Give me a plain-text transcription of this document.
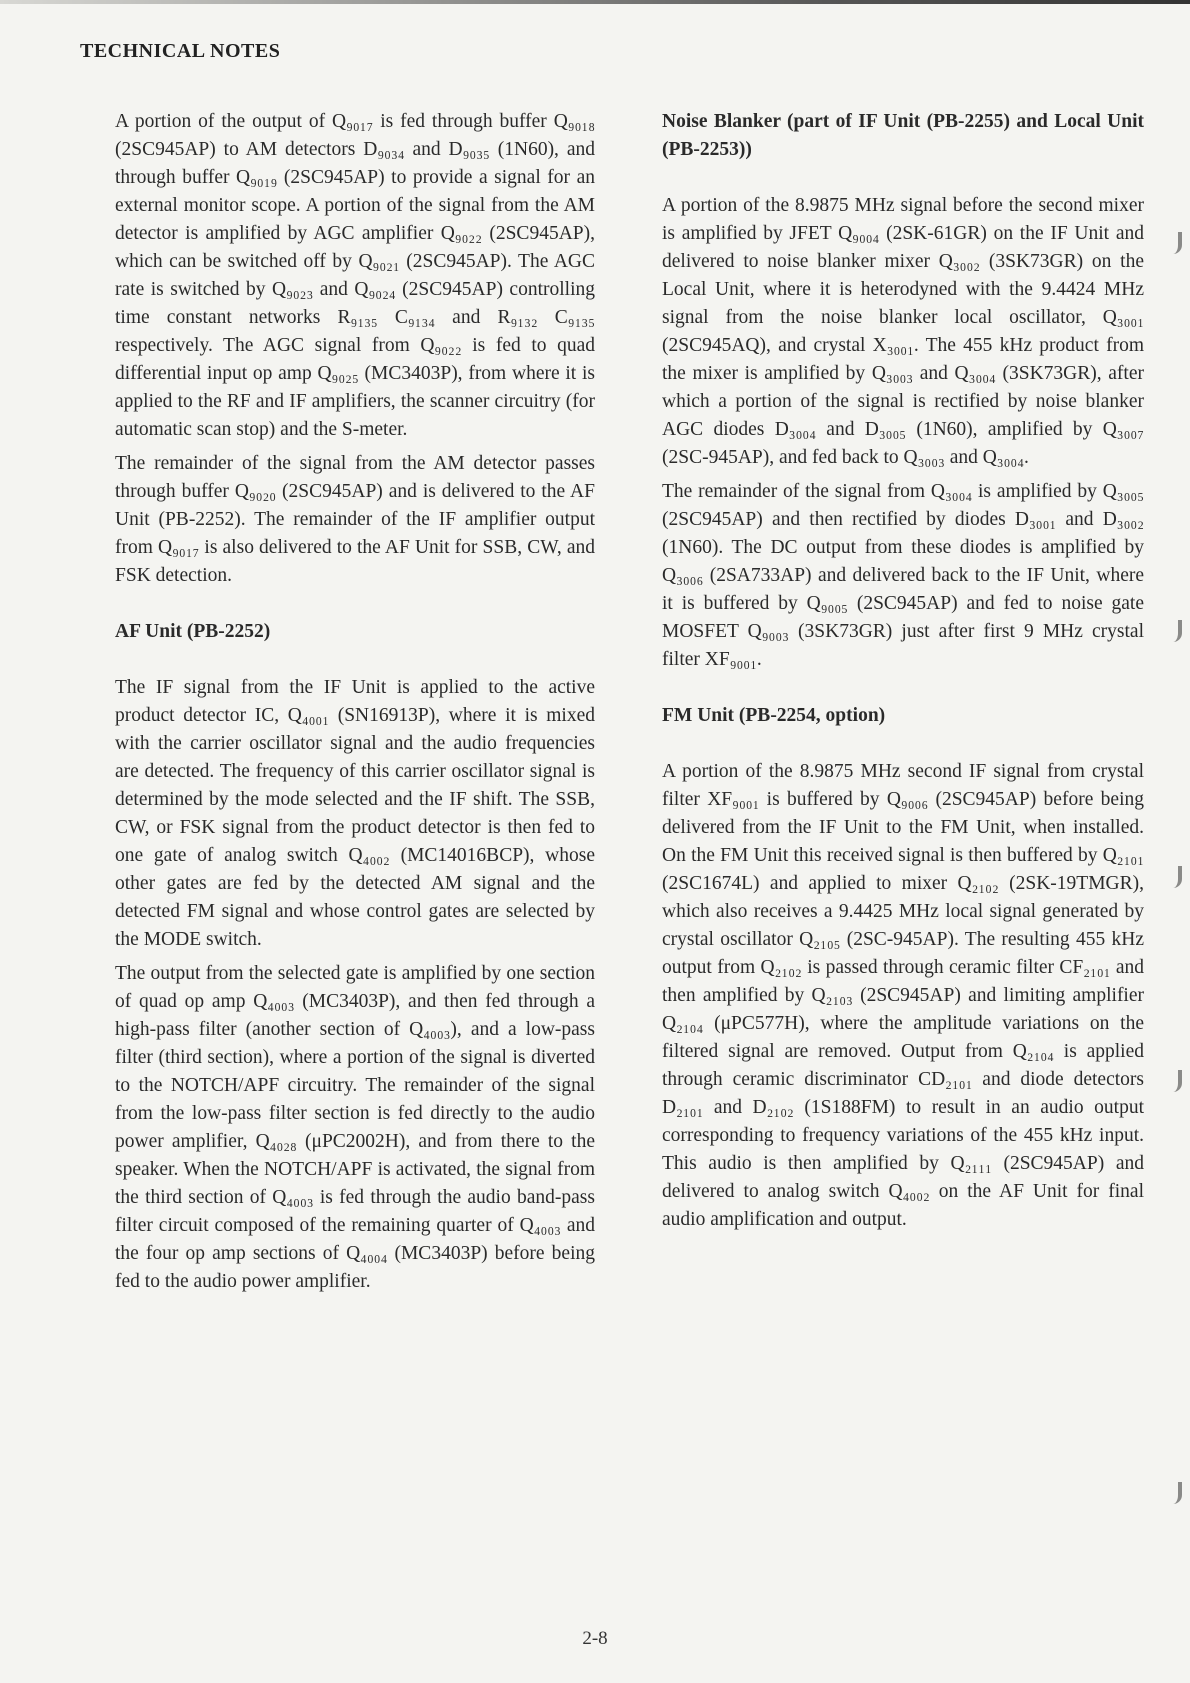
TECHNICAL NOTES

A portion of the output of Q₉₀₁₇ is fed through buffer Q₉₀₁₈ (2SC945AP) to AM detectors D₉₀₃₄ and D₉₀₃₅ (1N60), and through buffer Q₉₀₁₉ (2SC945AP) to provide a signal for an external monitor scope. A portion of the signal from the AM detector is amplified by AGC amplifier Q₉₀₂₂ (2SC945AP), which can be switched off by Q₉₀₂₁ (2SC945AP). The AGC rate is switched by Q₉₀₂₃ and Q₉₀₂₄ (2SC945AP) controlling time constant networks R₉₁₃₅ C₉₁₃₄ and R₉₁₃₂ C₉₁₃₅ respectively. The AGC signal from Q₉₀₂₂ is fed to quad differential input op amp Q₉₀₂₅ (MC3403P), from where it is applied to the RF and IF amplifiers, the scanner circuitry (for automatic scan stop) and the S-meter.

The remainder of the signal from the AM detector passes through buffer Q₉₀₂₀ (2SC945AP) and is delivered to the AF Unit (PB-2252). The remainder of the IF amplifier output from Q₉₀₁₇ is also delivered to the AF Unit for SSB, CW, and FSK detection.

AF Unit (PB-2252)

The IF signal from the IF Unit is applied to the active product detector IC, Q₄₀₀₁ (SN16913P), where it is mixed with the carrier oscillator signal and the audio frequencies are detected. The frequency of this carrier oscillator signal is determined by the mode selected and the IF shift. The SSB, CW, or FSK signal from the product detector is then fed to one gate of analog switch Q₄₀₀₂ (MC14016BCP), whose other gates are fed by the detected AM signal and the detected FM signal and whose control gates are selected by the MODE switch.

The output from the selected gate is amplified by one section of quad op amp Q₄₀₀₃ (MC3403P), and then fed through a high-pass filter (another section of Q₄₀₀₃), and a low-pass filter (third section), where a portion of the signal is diverted to the NOTCH/APF circuitry. The remainder of the signal from the low-pass filter section is fed directly to the audio power amplifier, Q₄₀₂₈ (μPC2002H), and from there to the speaker. When the NOTCH/APF is activated, the signal from the third section of Q₄₀₀₃ is fed through the audio band-pass filter circuit composed of the remaining quarter of Q₄₀₀₃ and the four op amp sections of Q₄₀₀₄ (MC3403P) before being fed to the audio power amplifier.

Noise Blanker (part of IF Unit (PB-2255) and Local Unit (PB-2253))

A portion of the 8.9875 MHz signal before the second mixer is amplified by JFET Q₉₀₀₄ (2SK-61GR) on the IF Unit and delivered to noise blanker mixer Q₃₀₀₂ (3SK73GR) on the Local Unit, where it is heterodyned with the 9.4424 MHz signal from the noise blanker local oscillator, Q₃₀₀₁ (2SC945AQ), and crystal X₃₀₀₁. The 455 kHz product from the mixer is amplified by Q₃₀₀₃ and Q₃₀₀₄ (3SK73GR), after which a portion of the signal is rectified by noise blanker AGC diodes D₃₀₀₄ and D₃₀₀₅ (1N60), amplified by Q₃₀₀₇ (2SC-945AP), and fed back to Q₃₀₀₃ and Q₃₀₀₄.

The remainder of the signal from Q₃₀₀₄ is amplified by Q₃₀₀₅ (2SC945AP) and then rectified by diodes D₃₀₀₁ and D₃₀₀₂ (1N60). The DC output from these diodes is amplified by Q₃₀₀₆ (2SA733AP) and delivered back to the IF Unit, where it is buffered by Q₉₀₀₅ (2SC945AP) and fed to noise gate MOSFET Q₉₀₀₃ (3SK73GR) just after first 9 MHz crystal filter XF₉₀₀₁.

FM Unit (PB-2254, option)

A portion of the 8.9875 MHz second IF signal from crystal filter XF₉₀₀₁ is buffered by Q₉₀₀₆ (2SC945AP) before being delivered from the IF Unit to the FM Unit, when installed. On the FM Unit this received signal is then buffered by Q₂₁₀₁ (2SC1674L) and applied to mixer Q₂₁₀₂ (2SK-19TMGR), which also receives a 9.4425 MHz local signal generated by crystal oscillator Q₂₁₀₅ (2SC-945AP). The resulting 455 kHz output from Q₂₁₀₂ is passed through ceramic filter CF₂₁₀₁ and then amplified by Q₂₁₀₃ (2SC945AP) and limiting amplifier Q₂₁₀₄ (μPC577H), where the amplitude variations on the filtered signal are removed. Output from Q₂₁₀₄ is applied through ceramic discriminator CD₂₁₀₁ and diode detectors D₂₁₀₁ and D₂₁₀₂ (1S188FM) to result in an audio output corresponding to frequency variations of the 455 kHz input. This audio is then amplified by Q₂₁₁₁ (2SC945AP) and delivered to analog switch Q₄₀₀₂ on the AF Unit for final audio amplification and output.

2-8
